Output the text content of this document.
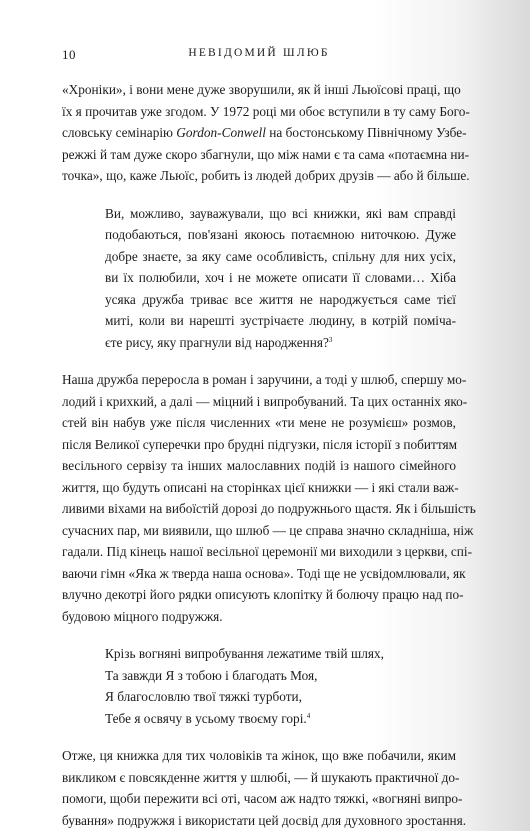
10	НЕВІДОМИЙ ШЛЮБ

«Хроніки», і вони мене дуже зворушили, як й інші Льюїсові праці, що
їх я прочитав уже згодом. У 1972 році ми обоє вступили в ту саму Бого-
словську семінарію Gordon-Conwell на бостонському Північному Узбе-
режжі й там дуже скоро збагнули, що між нами є та сама «потаємна ни-
точка», що, каже Льюїс, робить із людей добрих друзів — або й більше.

Ви, можливо, зауважували, що всі книжки, які вам справді
подобаються, пов'язані якоюсь потаємною ниточкою. Дуже
добре знаєте, за яку саме особливість, спільну для них усіх,
ви їх полюбили, хоч і не можете описати її словами… Хіба
усяка дружба триває все життя не народжується саме тієї
миті, коли ви нарешті зустрічаєте людину, в котрій поміча-
єте рису, яку прагнули від народження?$^3$

Наша дружба переросла в роман і заручини, а тоді у шлюб, спершу мо-
лодий і крихкий, а далі — міцний і випробуваний. Та цих останніх яко-
стей він набув уже після численних «ти мене не розумієш» розмов,
після Великої суперечки про брудні підгузки, після історії з побиттям
весільного сервізу та інших малославних подій із нашого сімейного
життя, що будуть описані на сторінках цієї книжки — і які стали важ-
ливими віхами на вибоїстій дорозі до подружнього щастя. Як і більшість
сучасних пар, ми виявили, що шлюб — це справа значно складніша, ніж
гадали. Під кінець нашої весільної церемонії ми виходили з церкви, спі-
ваючи гімн «Яка ж тверда наша основа». Тоді ще не усвідомлювали, як
влучно декотрі його рядки описують клопітку й болючу працю над по-
будовою міцного подружжя.

Крізь вогняні випробування лежатиме твій шлях,
Та завжди Я з тобою і благодать Моя,
Я благословлю твої тяжкі турботи,
Тебе я освячу в усьому твоєму горі.$^4$

Отже, ця книжка для тих чоловіків та жінок, що вже побачили, яким
викликом є повсякденне життя у шлюбі, — й шукають практичної до-
помоги, щоби пережити всі оті, часом аж надто тяжкі, «вогняні випро-
бування» подружжя і використати цей досвід для духовного зростання.
